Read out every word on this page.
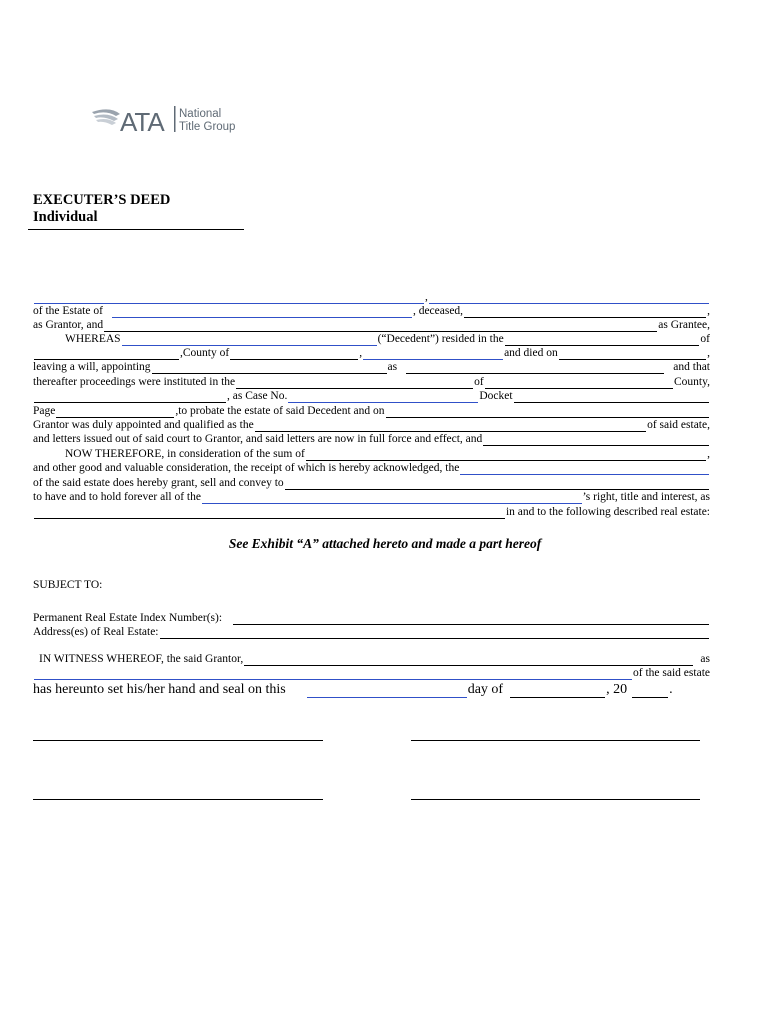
ATA National
Title Group
EXECUTER’S DEED
Individual
,
of the Estate of	, deceased,	,
as Grantor, and	as Grantee,
WHEREAS	(“Decedent”) resided in the	of
,County of	,	and died on	,
leaving a will, appointing	as	and that
thereafter proceedings were instituted in the	of	County,
, as Case No.	Docket
Page	,to probate the estate of said Decedent and on
Grantor was duly appointed and qualified as the	of said estate,
and letters issued out of said court to Grantor, and said letters are now in full force and effect, and
NOW THEREFORE, in consideration of the sum of	,
and other good and valuable consideration, the receipt of which is hereby acknowledged, the
of the said estate does hereby grant, sell and convey to
to have and to hold forever all of the	’s right, title and interest, as
in and to the following described real estate:
See Exhibit “A” attached hereto and made a part hereof
SUBJECT TO:
Permanent Real Estate Index Number(s):
Address(es) of Real Estate:
IN WITNESS WHEREOF, the said Grantor,	as
of the said estate
has hereunto set his/her hand and seal on this	day of	, 20	.
